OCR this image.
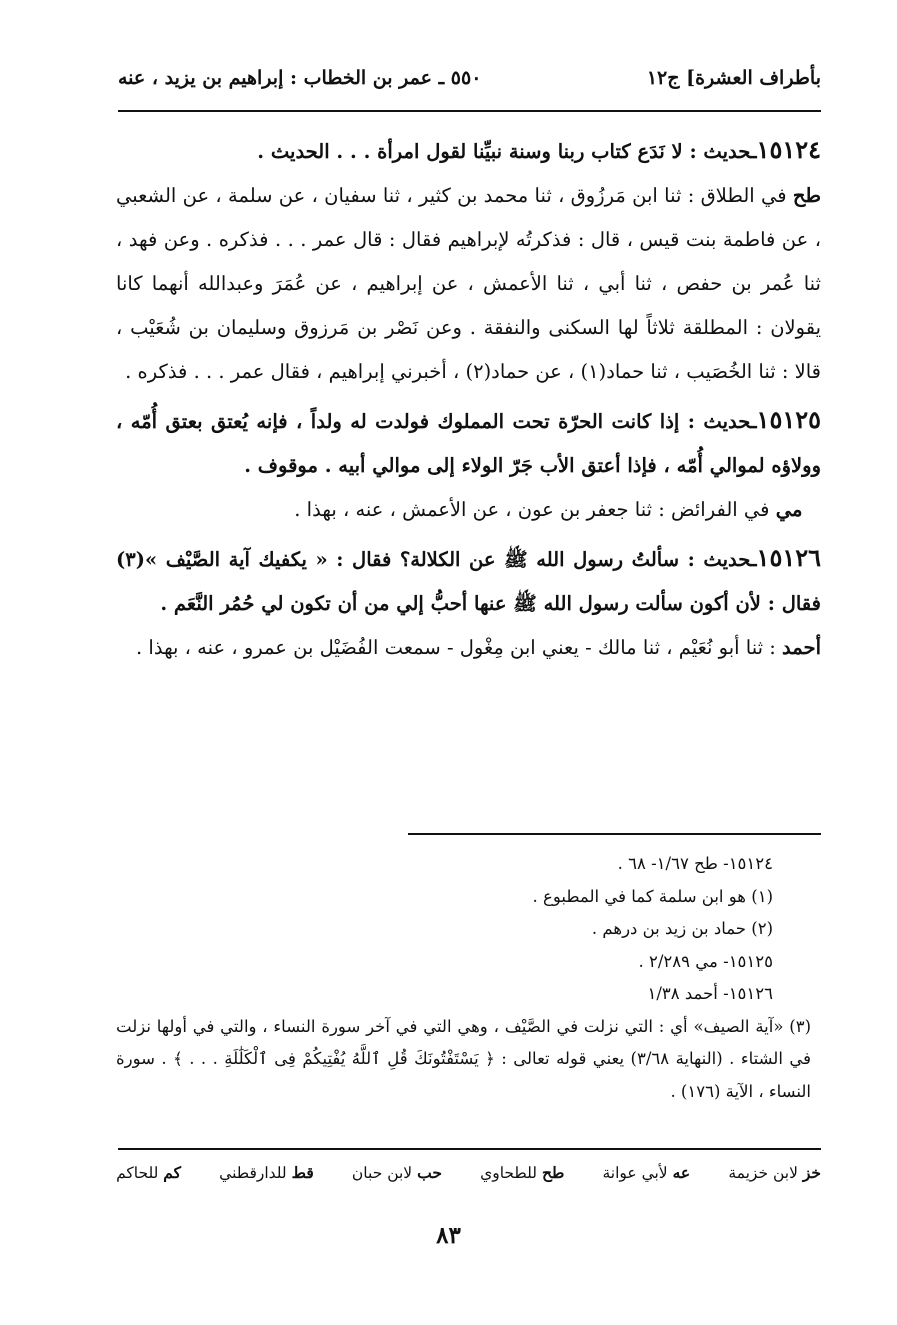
بأطراف العشرة] ج١٢
٥٥٠ ـ عمر بن الخطاب : إبراهيم بن يزيد ، عنه

١٥١٢٤ـحديث : لا نَدَع كتاب ربنا وسنة نبيِّنا لقول امرأة . . . الحديث .

طح في الطلاق : ثنا ابن مَرزُوق ، ثنا محمد بن كثير ، ثنا سفيان ، عن سلمة ، عن الشعبي ، عن فاطمة بنت قيس ، قال : فذكرتُه لإبراهيم فقال : قال عمر . . . فذكره . وعن فهد ، ثنا عُمر بن حفص ، ثنا أبي ، ثنا الأعمش ، عن إبراهيم ، عن عُمَرَ وعبدالله أنهما كانا يقولان : المطلقة ثلاثاً لها السكنى والنفقة . وعن نَصْر بن مَرزوق وسليمان بن شُعَيْب ، قالا : ثنا الخُصَيب ، ثنا حماد(١) ، عن حماد(٢) ، أخبرني إبراهيم ، فقال عمر . . . فذكره .

١٥١٢٥ـحديث : إذا كانت الحرّة تحت المملوك فولدت له ولداً ، فإنه يُعتق بعتق أُمّه ، وولاؤه لموالي أُمّه ، فإذا أعتق الأب جَرّ الولاء إلى موالي أبيه . موقوف .

مي في الفرائض : ثنا جعفر بن عون ، عن الأعمش ، عنه ، بهذا .

١٥١٢٦ـحديث : سألتُ رسول الله ﷺ عن الكلالة؟ فقال : « يكفيك آية الصَّيْف »(٣) فقال : لأن أكون سألت رسول الله ﷺ عنها أحبُّ إلي من أن تكون لي حُمُر النَّعَم .

أحمد : ثنا أبو نُعَيْم ، ثنا مالك - يعني ابن مِغْول - سمعت الفُضَيْل بن عمرو ، عنه ، بهذا .

١٥١٢٤- طح ١/٦٧- ٦٨ .

(١) هو ابن سلمة كما في المطبوع .

(٢) حماد بن زيد بن درهم .

١٥١٢٥- مي ٢/٢٨٩ .

١٥١٢٦- أحمد ١/٣٨

(٣) «آية الصيف» أي : التي نزلت في الصَّيْف ، وهي التي في آخر سورة النساء ، والتي في أولها نزلت في الشتاء . (النهاية ٣/٦٨) يعني قوله تعالى : ﴿ يَسْتَفْتُونَكَ قُلِ ٱللَّهُ يُفْتِيكُمْ فِى ٱلْكَلَٰلَةِ . . . ﴾ . سورة النساء ، الآية (١٧٦) .

خز لابن خزيمة
عه لأبي عوانة
طح للطحاوي
حب لابن حبان
قط للدارقطني
كم للحاكم
٨٣
